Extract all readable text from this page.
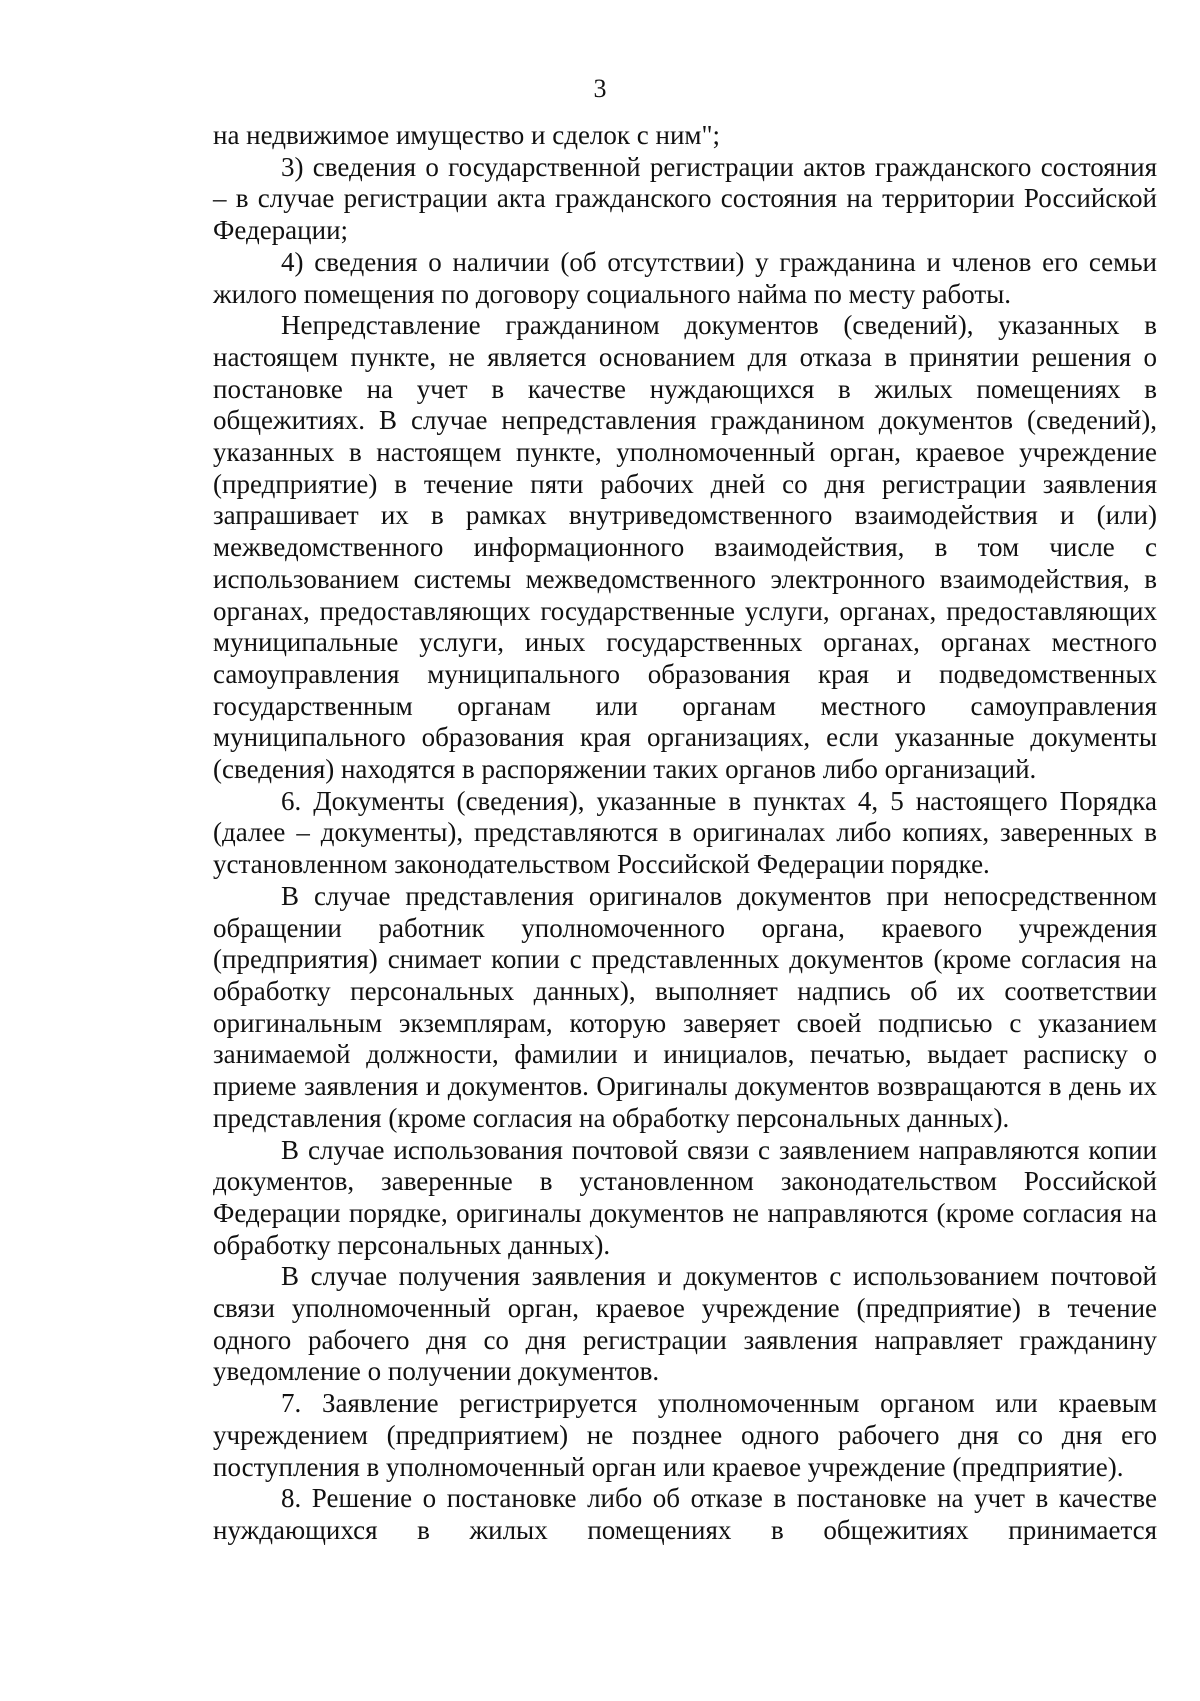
3

на недвижимое имущество и сделок с ним";

3) сведения о государственной регистрации актов гражданского состояния – в случае регистрации акта гражданского состояния на территории Российской Федерации;

4) сведения о наличии (об отсутствии) у гражданина и членов его семьи жилого помещения по договору социального найма по месту работы.

Непредставление гражданином документов (сведений), указанных в настоящем пункте, не является основанием для отказа в принятии решения о постановке на учет в качестве нуждающихся в жилых помещениях в общежитиях. В случае непредставления гражданином документов (сведений), указанных в настоящем пункте, уполномоченный орган, краевое учреждение (предприятие) в течение пяти рабочих дней со дня регистрации заявления запрашивает их в рамках внутриведомственного взаимодействия и (или) межведомственного информационного взаимодействия, в том числе с использованием системы межведомственного электронного взаимодействия, в органах, предоставляющих государственные услуги, органах, предоставляющих муниципальные услуги, иных государственных органах, органах местного самоуправления муниципального образования края и подведомственных государственным органам или органам местного самоуправления муниципального образования края организациях, если указанные документы (сведения) находятся в распоряжении таких органов либо организаций.

6. Документы (сведения), указанные в пунктах 4, 5 настоящего Порядка (далее – документы), представляются в оригиналах либо копиях, заверенных в установленном законодательством Российской Федерации порядке.

В случае представления оригиналов документов при непосредственном обращении работник уполномоченного органа, краевого учреждения (предприятия) снимает копии с представленных документов (кроме согласия на обработку персональных данных), выполняет надпись об их соответствии оригинальным экземплярам, которую заверяет своей подписью с указанием занимаемой должности, фамилии и инициалов, печатью, выдает расписку о приеме заявления и документов. Оригиналы документов возвращаются в день их представления (кроме согласия на обработку персональных данных).

В случае использования почтовой связи с заявлением направляются копии документов, заверенные в установленном законодательством Российской Федерации порядке, оригиналы документов не направляются (кроме согласия на обработку персональных данных).

В случае получения заявления и документов с использованием почтовой связи уполномоченный орган, краевое учреждение (предприятие) в течение одного рабочего дня со дня регистрации заявления направляет гражданину уведомление о получении документов.

7. Заявление регистрируется уполномоченным органом или краевым учреждением (предприятием) не позднее одного рабочего дня со дня его поступления в уполномоченный орган или краевое учреждение (предприятие).

8. Решение о постановке либо об отказе в постановке на учет в качестве нуждающихся в жилых помещениях в общежитиях принимается
